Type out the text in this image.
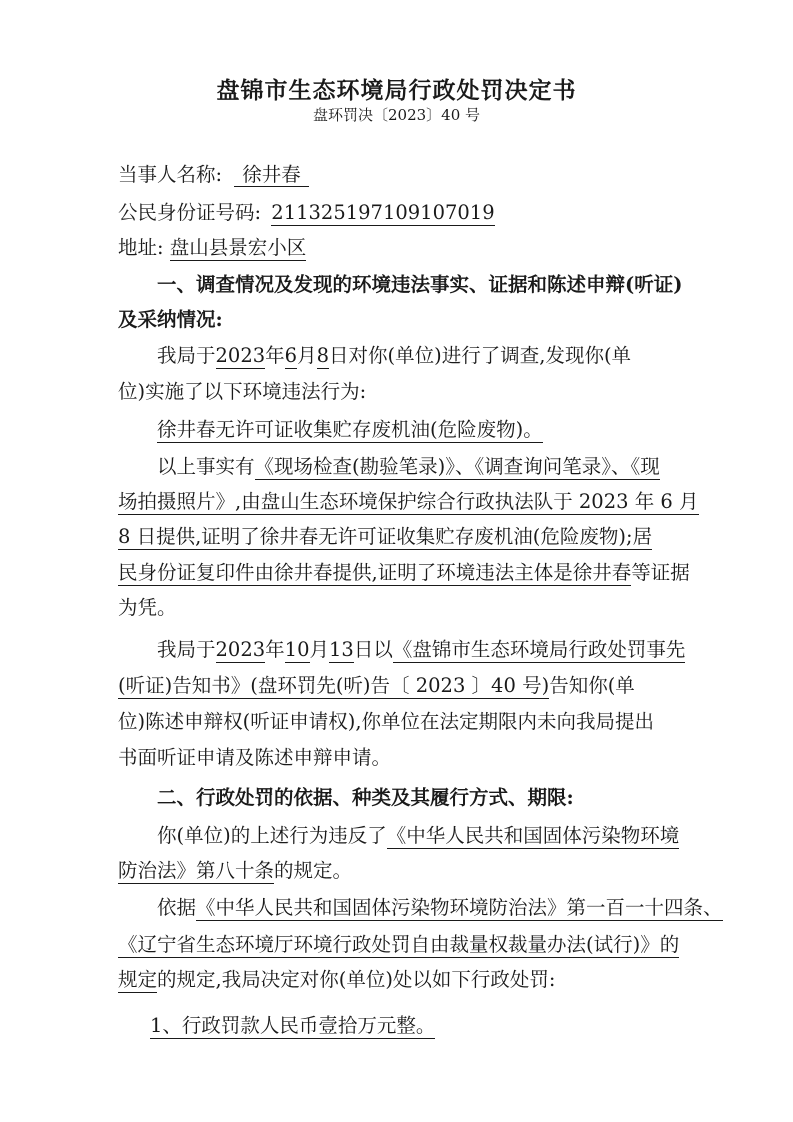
盘锦市生态环境局行政处罚决定书
盘环罚决〔2023〕40 号
当事人名称: 徐井春
公民身份证号码: 211325197109107019
地址: 盘山县景宏小区
一、调查情况及发现的环境违法事实、证据和陈述申辩(听证)
及采纳情况:
我局于2023年6月8日对你(单位)进行了调查,发现你(单
位)实施了以下环境违法行为:
徐井春无许可证收集贮存废机油(危险废物)。
以上事实有《现场检查(勘验笔录)》、《调查询问笔录》、《现
场拍摄照片》,由盘山生态环境保护综合行政执法队于 2023 年 6 月
8 日提供,证明了徐井春无许可证收集贮存废机油(危险废物);居
民身份证复印件由徐井春提供,证明了环境违法主体是徐井春等证据
为凭。
我局于2023年10月13日以《盘锦市生态环境局行政处罚事先
(听证)告知书》(盘环罚先(听)告〔 2023 〕40 号)告知你(单
位)陈述申辩权(听证申请权),你单位在法定期限内未向我局提出
书面听证申请及陈述申辩申请。
二、行政处罚的依据、种类及其履行方式、期限:
你(单位)的上述行为违反了《中华人民共和国固体污染物环境
防治法》第八十条的规定。
依据《中华人民共和国固体污染物环境防治法》第一百一十四条、
《辽宁省生态环境厅环境行政处罚自由裁量权裁量办法(试行)》的
规定的规定,我局决定对你(单位)处以如下行政处罚:
1、行政罚款人民币壹拾万元整。
